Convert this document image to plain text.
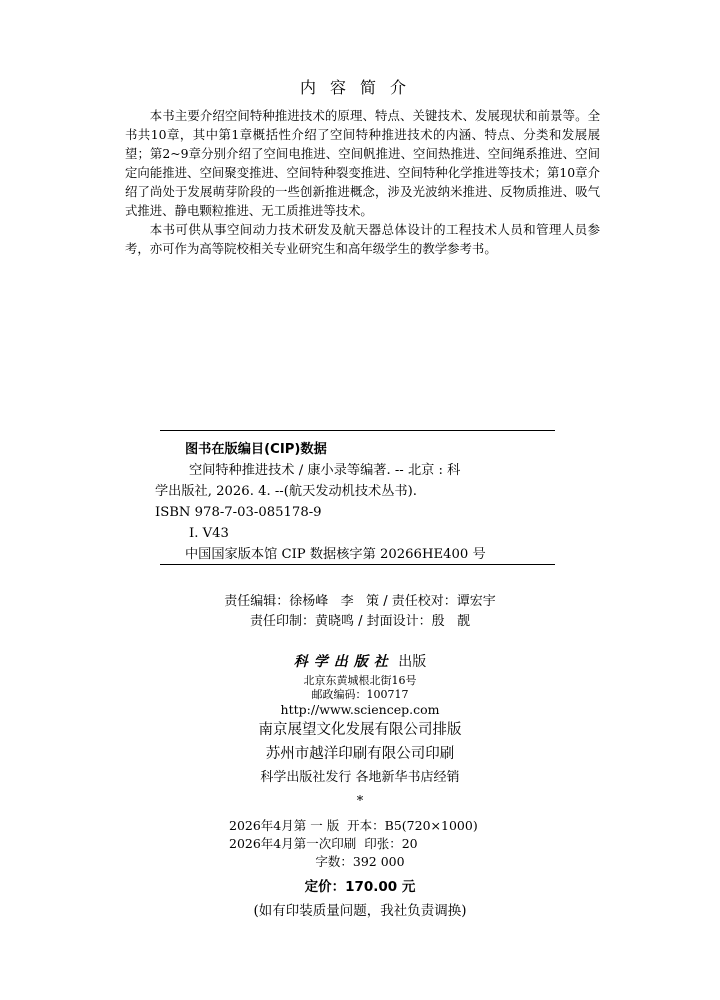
内容简介

本书主要介绍空间特种推进技术的原理、特点、关键技术、发展现状和前景等。全书共10章，其中第1章概括性介绍了空间特种推进技术的内涵、特点、分类和发展展望；第2~9章分别介绍了空间电推进、空间帆推进、空间热推进、空间绳系推进、空间定向能推进、空间聚变推进、空间特种裂变推进、空间特种化学推进等技术；第10章介绍了尚处于发展萌芽阶段的一些创新推进概念，涉及光波纳米推进、反物质推进、吸气式推进、静电颗粒推进、无工质推进等技术。

本书可供从事空间动力技术研发及航天器总体设计的工程技术人员和管理人员参考，亦可作为高等院校相关专业研究生和高年级学生的教学参考书。

图书在版编目(CIP)数据
空间特种推进技术 / 康小录等编著. -- 北京 : 科
学出版社, 2026. 4. --(航天发动机技术丛书).
ISBN 978-7-03-085178-9
Ⅰ. V43
中国国家版本馆 CIP 数据核字第 20266HE400 号
责任编辑：徐杨峰   李   策 / 责任校对：谭宏宇
责任印制：黄晓鸣 / 封面设计：殷   靓
科学出版社 出版
北京东黄城根北街16号
邮政编码：100717
http://www.sciencep.com
南京展望文化发展有限公司排版
苏州市越洋印刷有限公司印刷
科学出版社发行 各地新华书店经销
*
2026年4月第 一 版  开本：B5(720×1000)
2026年4月第一次印刷  印张：20
字数：392 000
定价：170.00 元
(如有印装质量问题，我社负责调换)
